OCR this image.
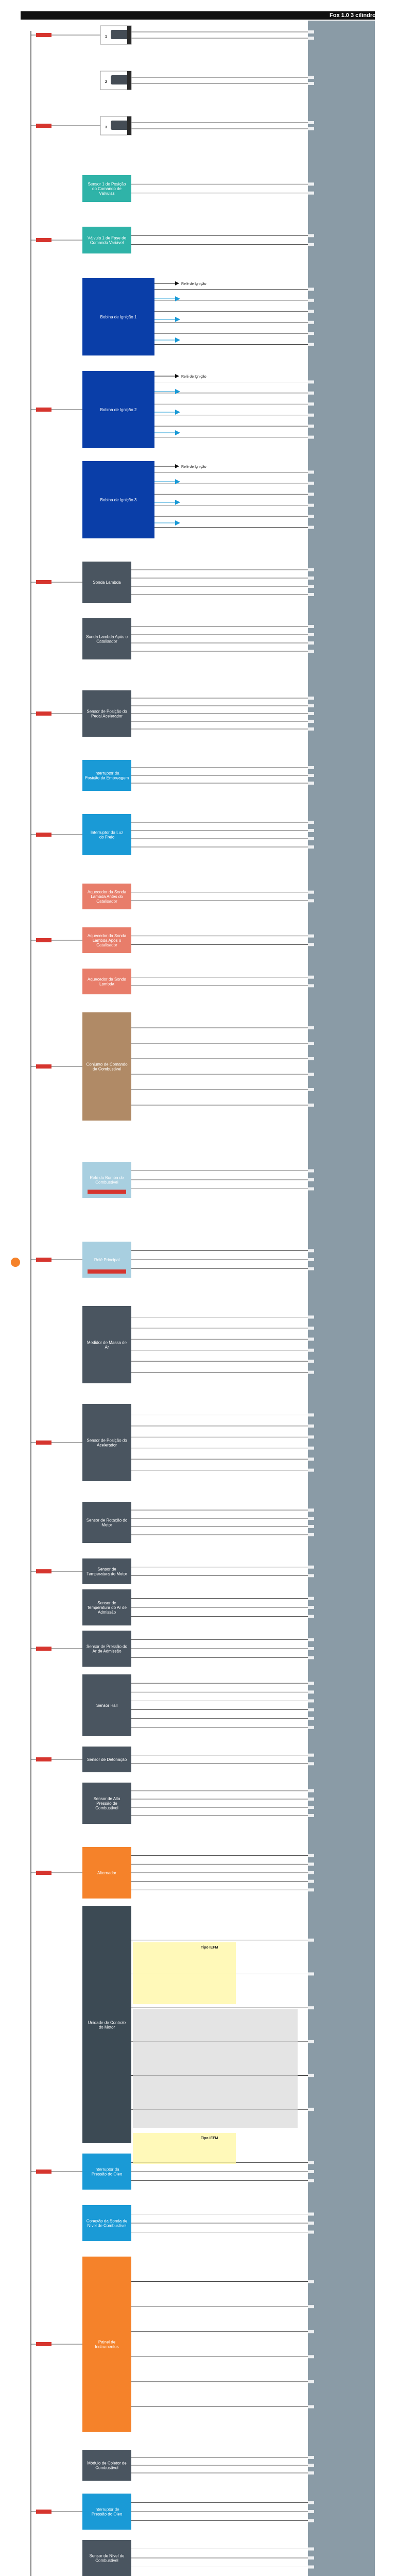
Fox 1.0 3 cilindros 2014 - CSEA
1
2
3
Sensor 1 de Posição do Comando de Válvulas
Válvula 1 de Fase do Comando Variável
Bobina de Ignição 1
Relé de Ignição
Bobina de Ignição 2
Relé de Ignição
Bobina de Ignição 3
Relé de Ignição
Sonda Lambda
Sonda Lambda Após o Catalisador
Sensor de Posição do Pedal Acelerador
Interruptor da Posição da Embreagem
Interruptor da Luz do Freio
Aquecedor da Sonda Lambda Antes do Catalisador
Aquecedor da Sonda Lambda Após o Catalisador
Aquecedor da Sonda Lambda
Conjunto de Comando de Combustível
Relé do Bomba de Combustível
Relé Principal
Medidor de Massa de Ar
Sensor de Posição do Acelerador
Sensor de Rotação do Motor
Sensor de Temperatura do Motor
Sensor de Temperatura do Ar de Admissão
Sensor de Pressão do Ar de Admissão
Sensor Hall
Sensor de Detonação
Sensor de Alta Pressão de Combustível
Alternador
Unidade de Controle do Motor
Interruptor da Pressão do Óleo
Conexão da Sonda de Nível de Combustível
Painel de Instrumentos
Módulo de Coletor de Combustível
Interruptor de Pressão do Óleo
Sensor de Nível de Combustível
Tipo IEFM
Tipo IEFM
